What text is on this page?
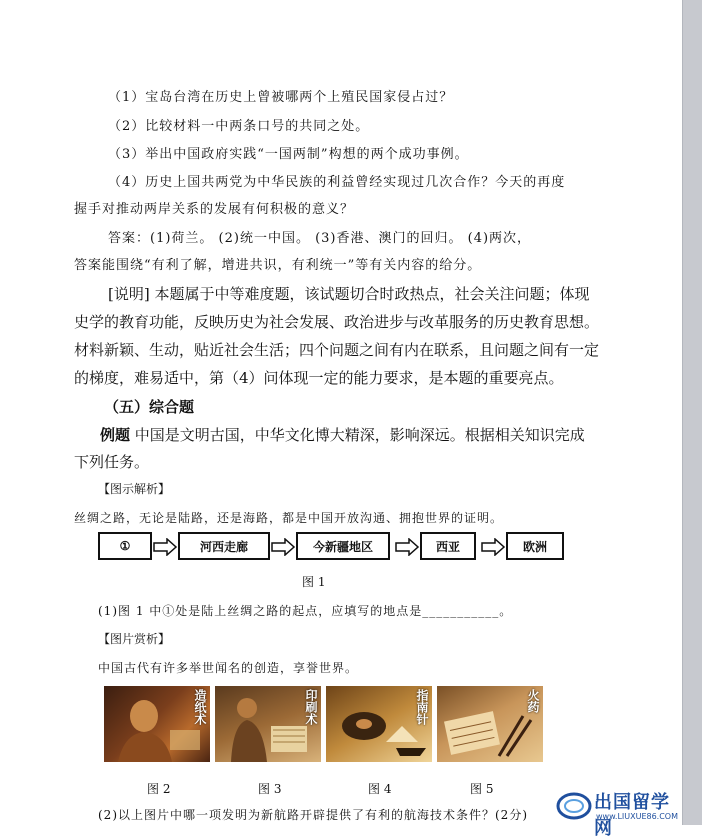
（1）宝岛台湾在历史上曾被哪两个上殖民国家侵占过？
（2）比较材料一中两条口号的共同之处。
（3）举出中国政府实践“一国两制”构想的两个成功事例。
（4）历史上国共两党为中华民族的利益曾经实现过几次合作？今天的再度
握手对推动两岸关系的发展有何积极的意义？
答案：(1)荷兰。 (2)统一中国。 (3)香港、澳门的回归。 (4)两次，
答案能围绕“有利了解，增进共识，有利统一”等有关内容的给分。
[说明] 本题属于中等难度题，该试题切合时政热点，社会关注问题；体现
史学的教育功能，反映历史为社会发展、政治进步与改革服务的历史教育思想。
材料新颖、生动，贴近社会生活；四个问题之间有内在联系，且问题之间有一定
的梯度，难易适中，第（4）问体现一定的能力要求，是本题的重要亮点。
（五）综合题
例题 中国是文明古国，中华文化博大精深，影响深远。根据相关知识完成
下列任务。
【图示解析】
丝绸之路，无论是陆路，还是海路，都是中国开放沟通、拥抱世界的证明。
①	河西走廊	今新疆地区	西亚	欧洲
图 1
(1)图 1 中①处是陆上丝绸之路的起点，应填写的地点是___________。
【图片赏析】
中国古代有许多举世闻名的创造，享誉世界。
造纸术	印刷术	指南针	火药
图 2	图 3	图 4	图 5
(2)以上图片中哪一项发明为新航路开辟提供了有利的航海技术条件？(2分)
出国留学网
www.LIUXUE86.COM
